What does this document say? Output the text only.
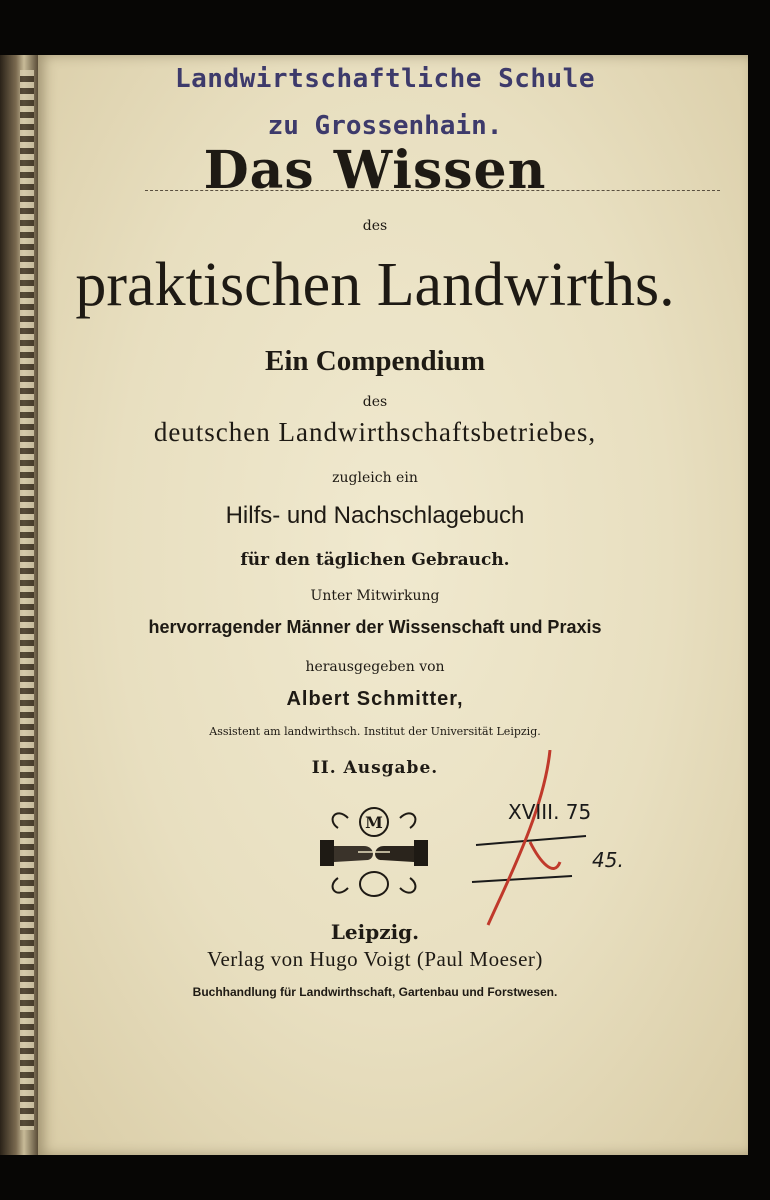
Landwirtschaftliche Schule
zu Grossenhain.
Das Wissen
des
praktischen Landwirths.
Ein Compendium
des
deutschen Landwirthschaftsbetriebes,
zugleich ein
Hilfs- und Nachschlagebuch
für den täglichen Gebrauch.
Unter Mitwirkung
hervorragender Männer der Wissenschaft und Praxis
herausgegeben von
Albert Schmitter,
Assistent am landwirthsch. Institut der Universität Leipzig.
II. Ausgabe.
M	XVIII. 75
45.
Leipzig.
Verlag von Hugo Voigt (Paul Moeser)
Buchhandlung für Landwirthschaft, Gartenbau und Forstwesen.
